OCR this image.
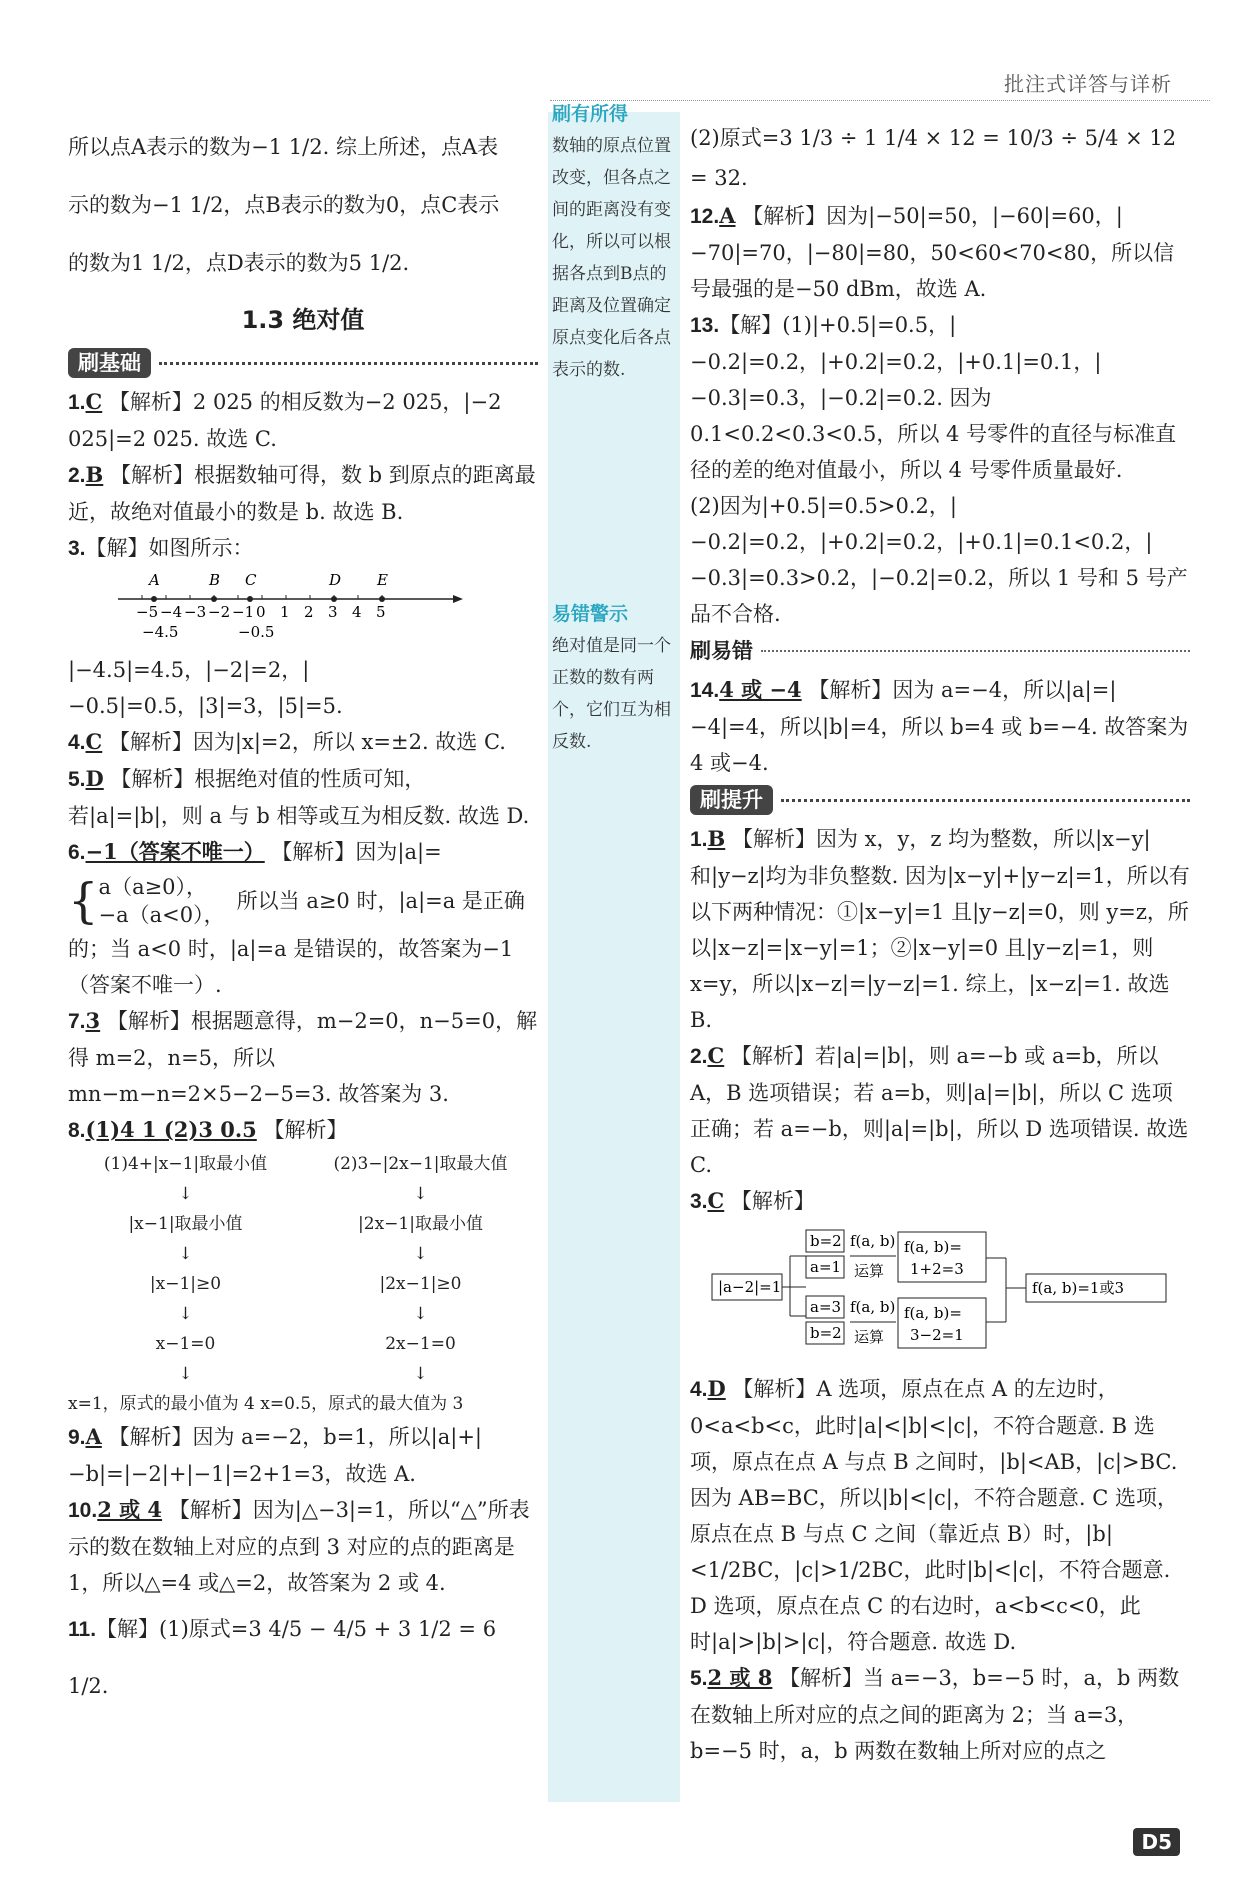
批注式详答与详析
刷有所得
数轴的原点位置改变，但各点之间的距离没有变化，所以可以根据各点到B点的距离及位置确定原点变化后各点表示的数.
易错警示
绝对值是同一个正数的数有两个，它们互为相反数.

所以点A表示的数为−1 1/2. 综上所述，点A表

示的数为−1 1/2，点B表示的数为0，点C表示

的数为1 1/2，点D表示的数为5 1/2.

1.3 绝对值
刷基础

1.C 【解析】2 025 的相反数为−2 025，|−2 025|=2 025. 故选 C.

2.B 【解析】根据数轴可得，数 b 到原点的距离最近，故绝对值最小的数是 b. 故选 B.

3.【解】如图所示：

−5 −4 −3 −2 −1 0 1 2 3 4 5
A	B C	D E
−4.5	−0.5

|−4.5|=4.5，|−2|=2，|−0.5|=0.5，|3|=3，|5|=5.

4.C 【解析】因为|x|=2，所以 x=±2. 故选 C.

5.D 【解析】根据绝对值的性质可知，若|a|=|b|，则 a 与 b 相等或互为相反数. 故选 D.

6.−1（答案不唯一） 【解析】因为|a|=

{ a（a≥0），
−a（a<0），
所以当 a≥0 时，|a|=a 是正确

的；当 a<0 时，|a|=a 是错误的，故答案为−1（答案不唯一）.

7.3 【解析】根据题意得，m−2=0，n−5=0，解得 m=2，n=5，所以 mn−m−n=2×5−2−5=3. 故答案为 3.

8.(1)4 1 (2)3 0.5 【解析】

(1)4+|x−1|取最小值
↓
|x−1|取最小值
↓
|x−1|≥0
↓
x−1=0
↓
(2)3−|2x−1|取最大值
↓
|2x−1|取最小值
↓
|2x−1|≥0
↓
2x−1=0
↓

x=1，原式的最小值为 4 x=0.5，原式的最大值为 3

9.A 【解析】因为 a=−2，b=1，所以|a|+|−b|=|−2|+|−1|=2+1=3，故选 A.

10.2 或 4 【解析】因为|△−3|=1，所以“△”所表示的数在数轴上对应的点到 3 对应的点的距离是 1，所以△=4 或△=2，故答案为 2 或 4.

11.【解】(1)原式=3 4/5 − 4/5 + 3 1/2 = 6 1/2.

(2)原式=3 1/3 ÷ 1 1/4 × 12 = 10/3 ÷ 5/4 × 12 = 32.

12.A 【解析】因为|−50|=50，|−60|=60，|−70|=70，|−80|=80，50<60<70<80，所以信号最强的是−50 dBm，故选 A.

13.【解】(1)|+0.5|=0.5，|−0.2|=0.2，|+0.2|=0.2，|+0.1|=0.1，|−0.3|=0.3，|−0.2|=0.2. 因为 0.1<0.2<0.3<0.5，所以 4 号零件的直径与标准直径的差的绝对值最小，所以 4 号零件质量最好.

(2)因为|+0.5|=0.5>0.2，|−0.2|=0.2，|+0.2|=0.2，|+0.1|=0.1<0.2，|−0.3|=0.3>0.2，|−0.2|=0.2，所以 1 号和 5 号产品不合格.

刷易错

14.4 或 −4 【解析】因为 a=−4，所以|a|=|−4|=4，所以|b|=4，所以 b=4 或 b=−4. 故答案为 4 或−4.

刷提升

1.B 【解析】因为 x，y，z 均为整数，所以|x−y|和|y−z|均为非负整数. 因为|x−y|+|y−z|=1，所以有以下两种情况：①|x−y|=1 且|y−z|=0，则 y=z，所以|x−z|=|x−y|=1；②|x−y|=0 且|y−z|=1，则 x=y，所以|x−z|=|y−z|=1. 综上，|x−z|=1. 故选 B.

2.C 【解析】若|a|=|b|，则 a=−b 或 a=b，所以 A，B 选项错误；若 a=b，则|a|=|b|，所以 C 选项正确；若 a=−b，则|a|=|b|，所以 D 选项错误. 故选 C.

3.C 【解析】

|a−2|=1
b=2
a=1
a=3
b=2
f(a, b)
运算
f(a, b)
运算
f(a, b)=
1+2=3
f(a, b)=
3−2=1
f(a, b)=1或3

4.D 【解析】A 选项，原点在点 A 的左边时，0<a<b<c，此时|a|<|b|<|c|，不符合题意. B 选项，原点在点 A 与点 B 之间时，|b|<AB，|c|>BC. 因为 AB=BC，所以|b|<|c|，不符合题意. C 选项，原点在点 B 与点 C 之间（靠近点 B）时，|b|<1/2BC，|c|>1/2BC，此时|b|<|c|，不符合题意. D 选项，原点在点 C 的右边时，a<b<c<0，此时|a|>|b|>|c|，符合题意. 故选 D.

5.2 或 8 【解析】当 a=−3，b=−5 时，a，b 两数在数轴上所对应的点之间的距离为 2；当 a=3，b=−5 时，a，b 两数在数轴上所对应的点之

D5
